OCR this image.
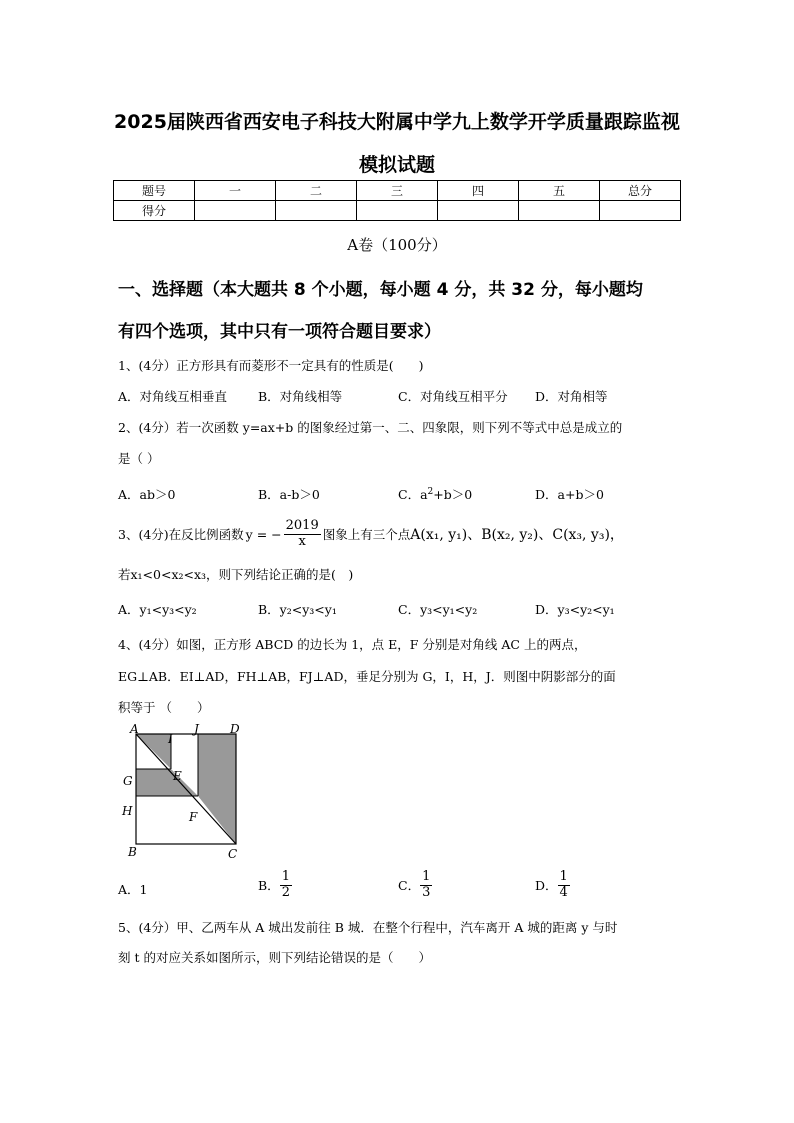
2025届陕西省西安电子科技大附属中学九上数学开学质量跟踪监视
模拟试题
题号	一	二	三	四	五	总分
得分						
A卷（100分）
一、选择题（本大题共 8 个小题，每小题 4 分，共 32 分，每小题均
有四个选项，其中只有一项符合题目要求）
1、(4分）正方形具有而菱形不一定具有的性质是(　　)
A．对角线互相垂直 B．对角线相等	C．对角线互相平分 D．对角相等
2、(4分）若一次函数 y=ax+b 的图象经过第一、二、四象限，则下列不等式中总是成立的
是（ ）
A．ab＞0	B．a-b＞0	C．$a^2+b>0$	D．a+b＞0
3、(4分)在反比例函数 y = − $\frac{2019}{x}$ 图象上有三个点 A(x₁, y₁)、B(x₂, y₂)、C(x₃, y₃)，
若x₁<0<x₂<x₃，则下列结论正确的是(　)
A．y₁<y₃<y₂	B．y₂<y₃<y₁	C．y₃<y₁<y₂	D．y₃<y₂<y₁
4、(4分）如图，正方形 ABCD 的边长为 1，点 E，F 分别是对角线 AC 上的两点，
EG⊥AB．EI⊥AD，FH⊥AB，FJ⊥AD，垂足分别为 G，I，H，J．则图中阴影部分的面
积等于 （　　）
A
I
J	D
G	E
H	F
B	C
A．1	B． $\frac{1}{2}$	C． $\frac{1}{3}$	D． $\frac{1}{4}$
5、(4分）甲、乙两车从 A 城出发前往 B 城．在整个行程中，汽车离开 A 城的距离 y 与时
刻 t 的对应关系如图所示，则下列结论错误的是（　　）
